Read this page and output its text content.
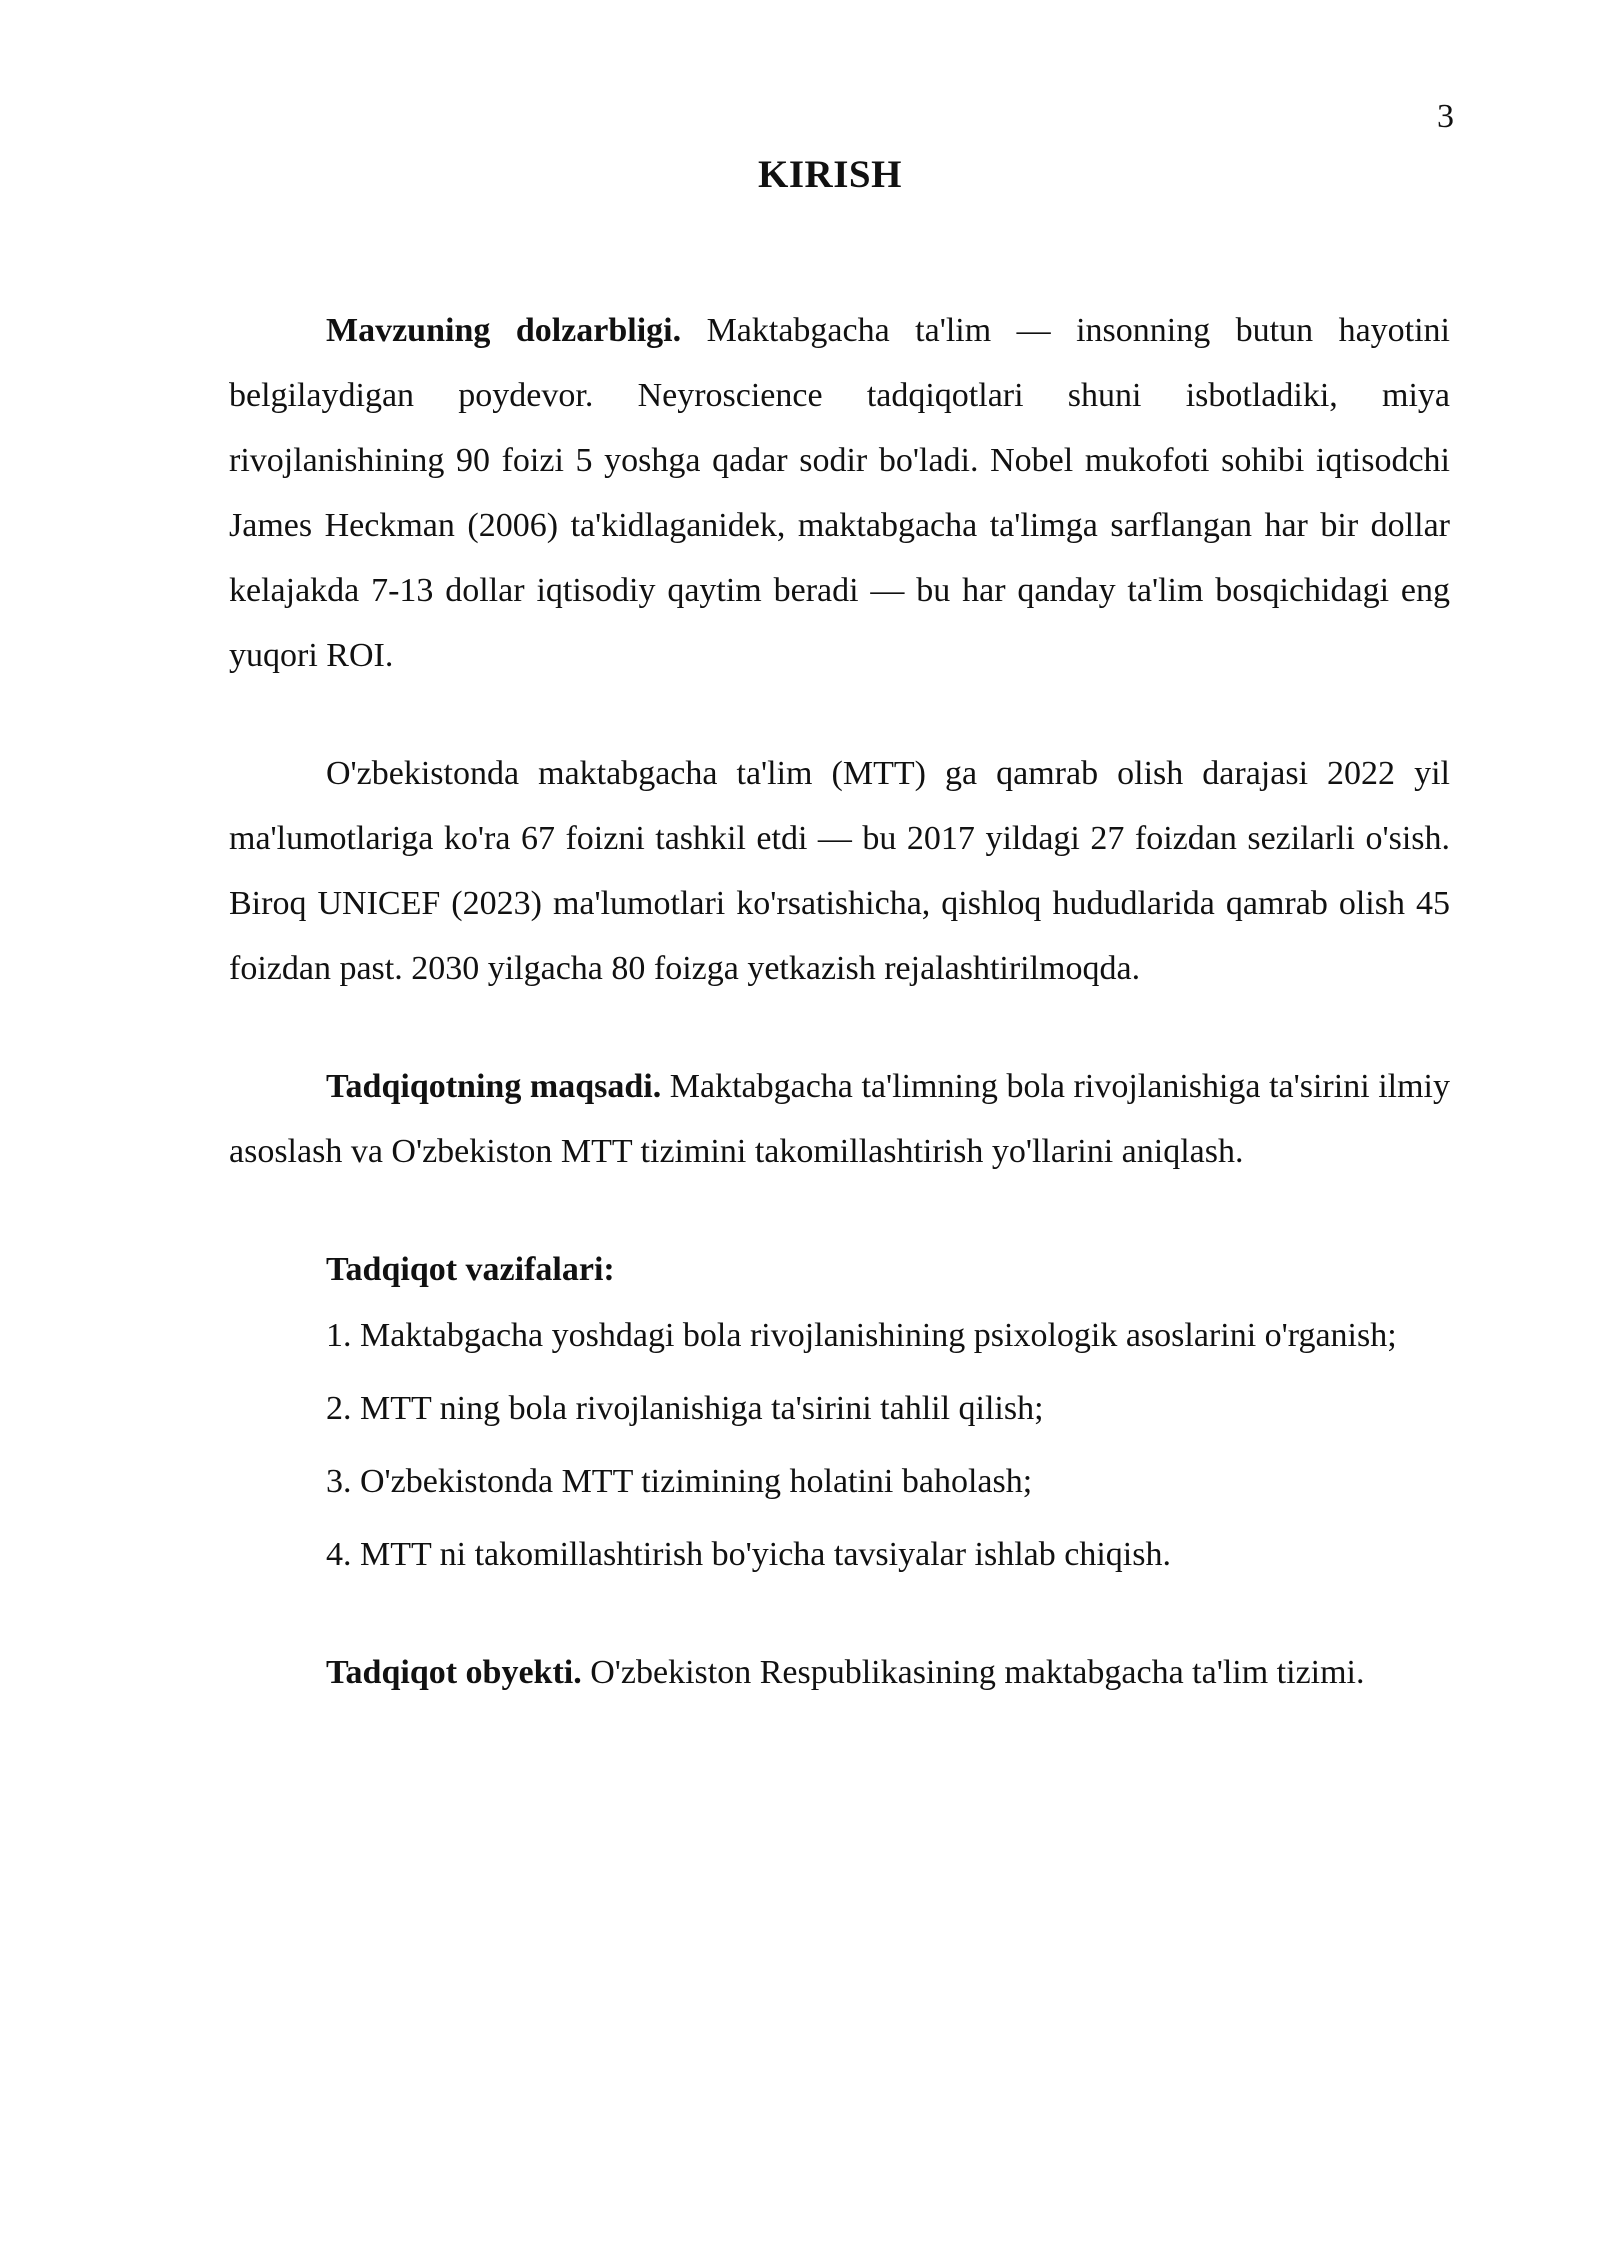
3
KIRISH

Mavzuning dolzarbligi. Maktabgacha ta'lim — insonning butun hayotini belgilaydigan poydevor. Neyroscience tadqiqotlari shuni isbotladiki, miya rivojlanishining 90 foizi 5 yoshga qadar sodir bo'ladi. Nobel mukofoti sohibi iqtisodchi James Heckman (2006) ta'kidlaganidek, maktabgacha ta'limga sarflangan har bir dollar kelajakda 7-13 dollar iqtisodiy qaytim beradi — bu har qanday ta'lim bosqichidagi eng yuqori ROI.

O'zbekistonda maktabgacha ta'lim (MTT) ga qamrab olish darajasi 2022 yil ma'lumotlariga ko'ra 67 foizni tashkil etdi — bu 2017 yildagi 27 foizdan sezilarli o'sish. Biroq UNICEF (2023) ma'lumotlari ko'rsatishicha, qishloq hududlarida qamrab olish 45 foizdan past. 2030 yilgacha 80 foizga yetkazish rejalashtirilmoqda.

Tadqiqotning maqsadi. Maktabgacha ta'limning bola rivojlanishiga ta'sirini ilmiy asoslash va O'zbekiston MTT tizimini takomillashtirish yo'llarini aniqlash.

Tadqiqot vazifalari:

1. Maktabgacha yoshdagi bola rivojlanishining psixologik asoslarini o'rganish;

2. MTT ning bola rivojlanishiga ta'sirini tahlil qilish;

3. O'zbekistonda MTT tizimining holatini baholash;

4. MTT ni takomillashtirish bo'yicha tavsiyalar ishlab chiqish.

Tadqiqot obyekti. O'zbekiston Respublikasining maktabgacha ta'lim tizimi.
